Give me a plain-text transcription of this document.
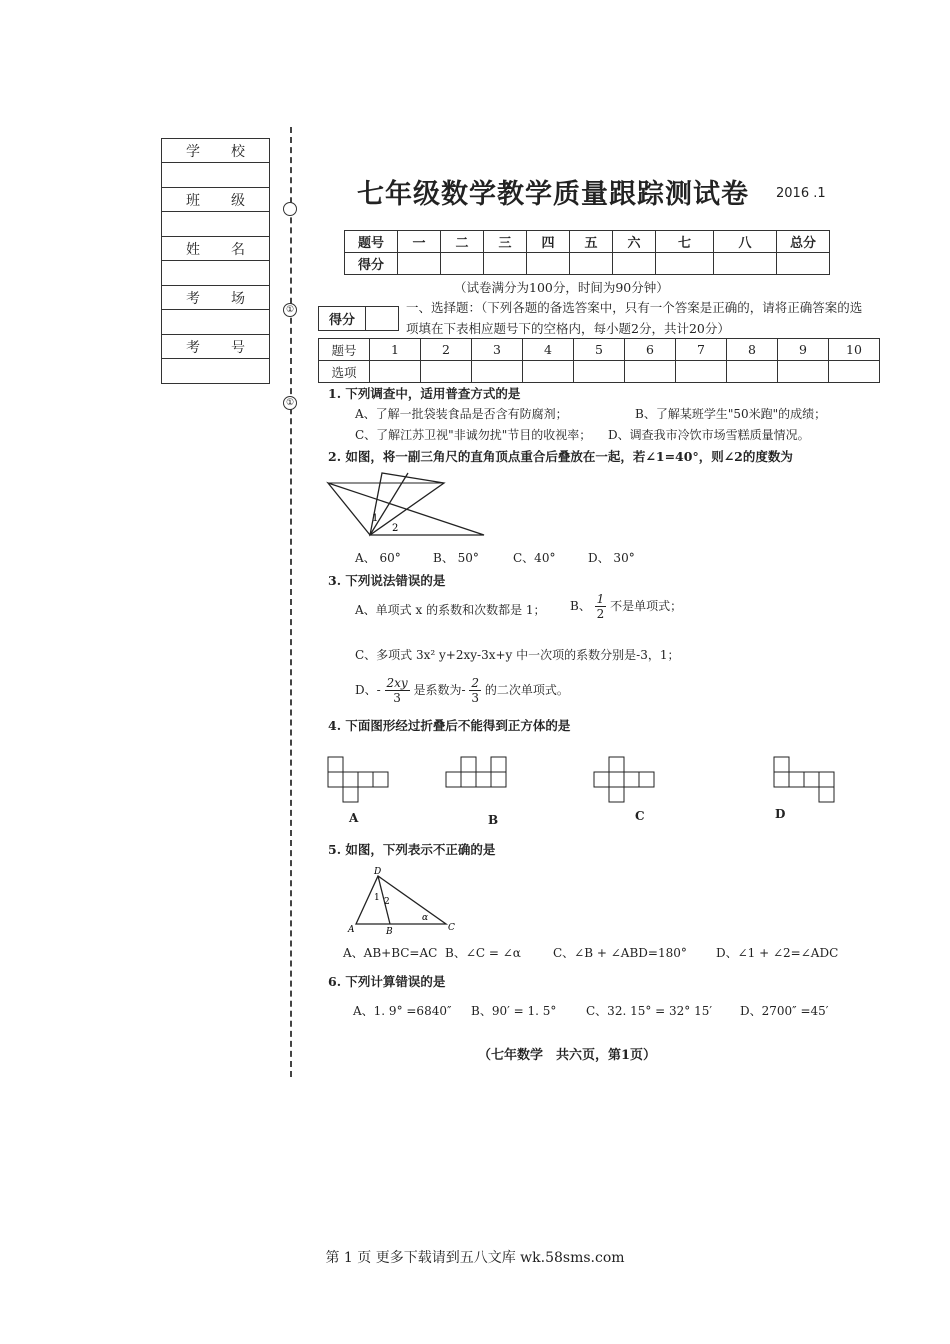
学 校
班 级
姓 名
考 场
考 号
①
①
七年级数学教学质量跟踪测试卷 2016 .1
题号	一	二	三	四	五	六	七	八	总分
得分									
（试卷满分为100分，时间为90分钟）
得分	
一、选择题：（下列各题的备选答案中，只有一个答案是正确的，请将正确答案的选项填在下表相应题号下的空格内，每小题2分，共计20分）
题号	1	2	3	4	5	6	7	8	9	10
选项										
1. 下列调查中，适用普查方式的是
A、了解一批袋装食品是否含有防腐剂；	B、了解某班学生"50米跑"的成绩；
C、了解江苏卫视"非诚勿扰"节目的收视率； D、调查我市冷饮市场雪糕质量情况。
2. 如图，将一副三角尺的直角顶点重合后叠放在一起，若∠1=40°，则∠2的度数为
1
2
A、 60°	B、 50°	C、40°	D、 30°
3. 下列说法错误的是
A、单项式 x 的系数和次数都是 1； B、 $\frac{1}{2}$ 不是单项式；
C、多项式 3x² y+2xy-3x+y 中一次项的系数分别是-3，1；
D、- $\frac{2xy}{3}$ 是系数为- $\frac{2}{3}$ 的二次单项式。
4. 下面图形经过折叠后不能得到正方体的是
A	B	C	D
5. 如图，下列表示不正确的是
D
1 2
A	B
α
C
A、AB+BC=AC B、∠C = ∠α	C、∠B + ∠ABD=180° D、∠1 + ∠2=∠ADC
6. 下列计算错误的是
A、1. 9° =6840″ B、90′ = 1. 5° C、32. 15° = 32° 15′ D、2700″ =45′
（七年数学　共六页，第1页）
第 1 页 更多下载请到五八文库 wk.58sms.com
